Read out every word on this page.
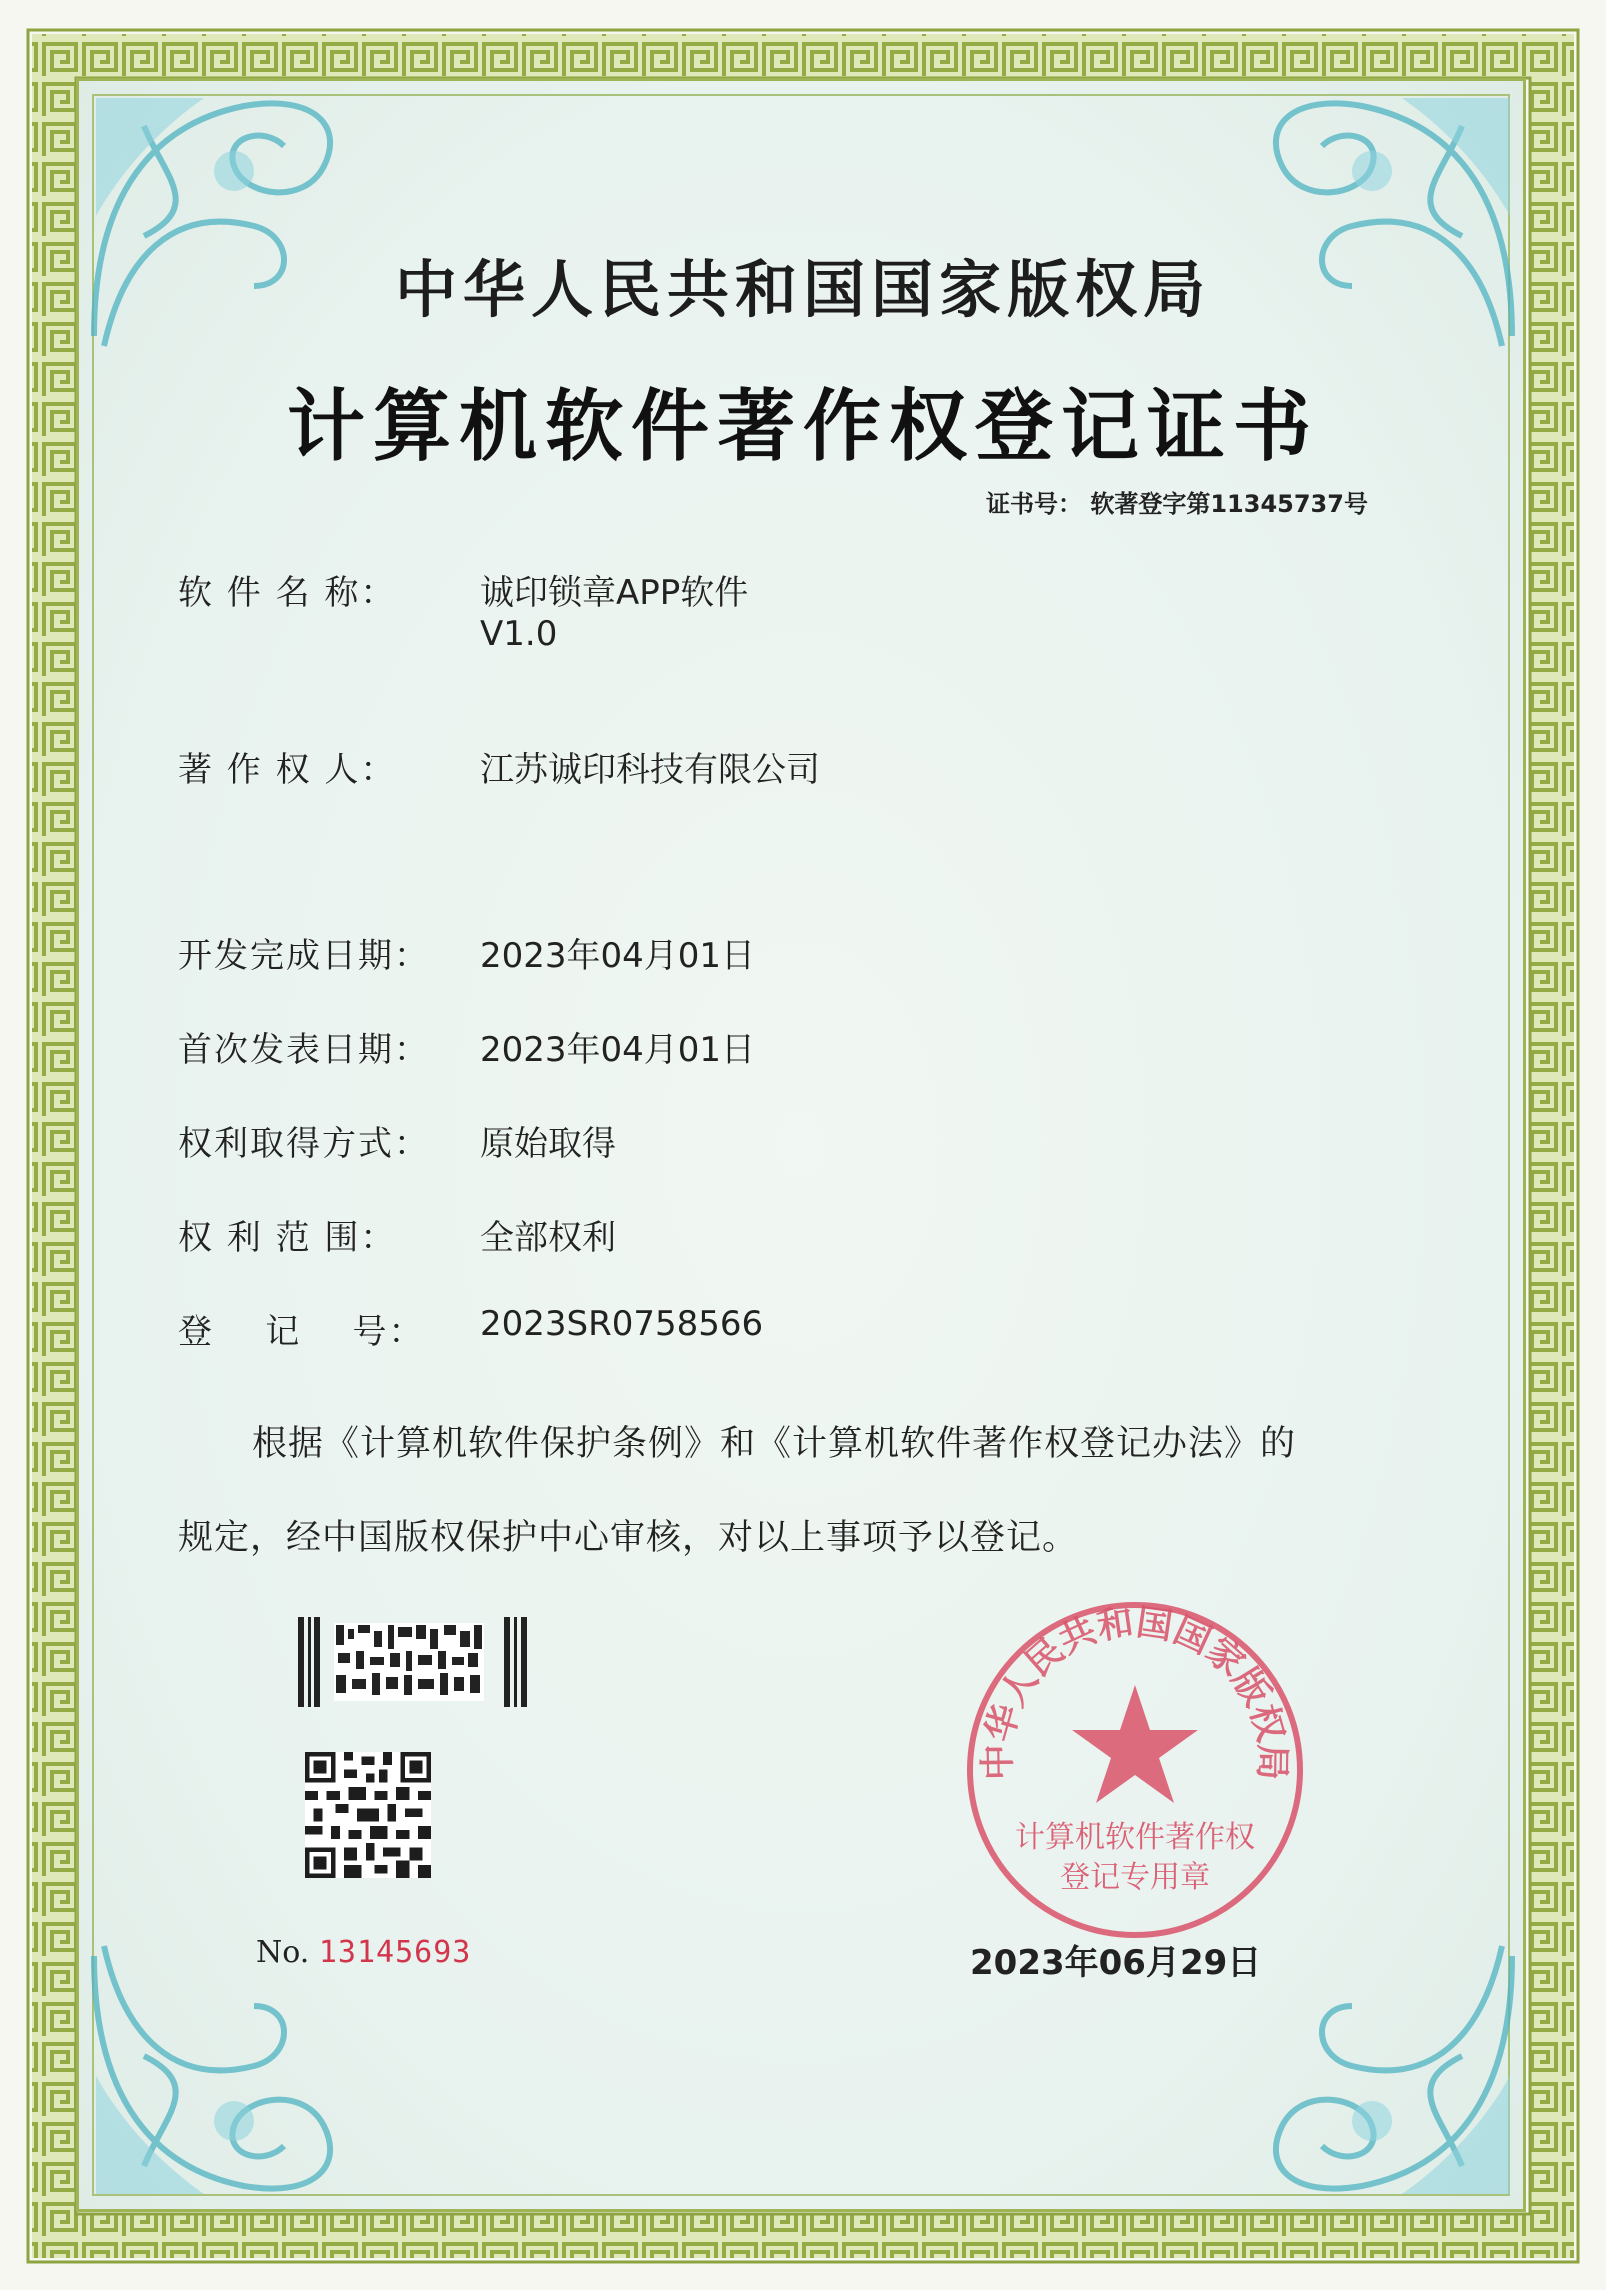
中华人民共和国国家版权局
计算机软件著作权登记证书
证书号： 软著登字第11345737号
软 件 名 称： 诚印锁章APP软件
V1.0
著 作 权 人： 江苏诚印科技有限公司
开发完成日期： 2023年04月01日
首次发表日期： 2023年04月01日
权利取得方式： 原始取得
权 利 范 围： 全部权利
登    记    号： 2023SR0758566
根据《计算机软件保护条例》和《计算机软件著作权登记办法》的
规定，经中国版权保护中心审核，对以上事项予以登记。
No. 13145693
中华人民共和国国家版权局
计算机软件著作权
登记专用章
2023年06月29日
